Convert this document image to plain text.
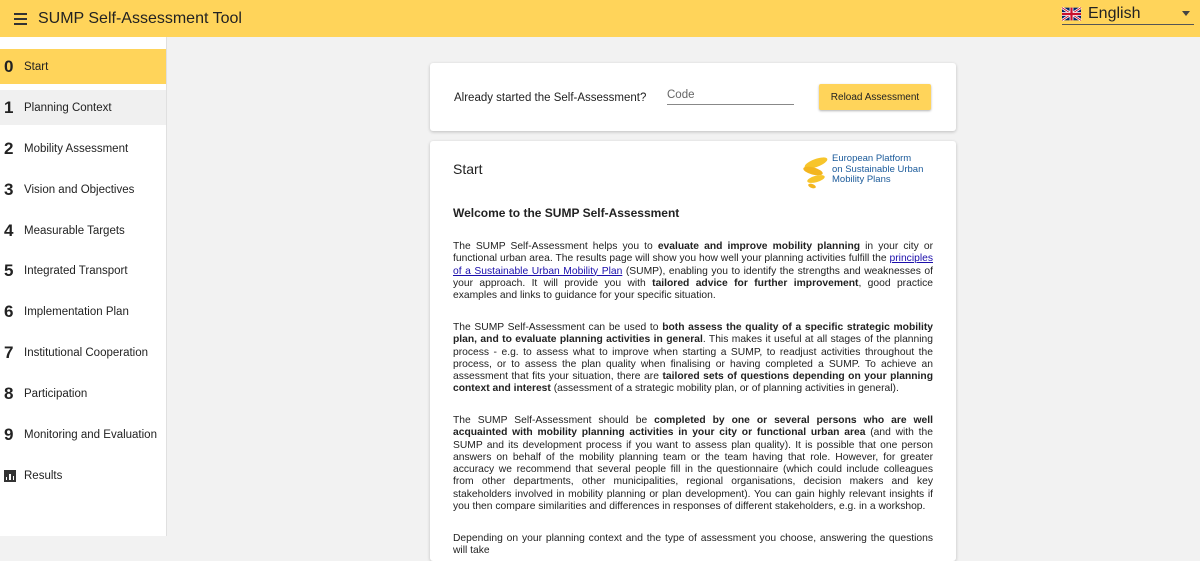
SUMP Self-Assessment Tool	English
0 Start
1 Planning Context
2 Mobility Assessment
3 Vision and Objectives
4 Measurable Targets
5 Integrated Transport
6 Implementation Plan
7 Institutional Cooperation
8 Participation
9 Monitoring and Evaluation
Results
Already started the Self-Assessment?
Code	Reload Assessment
Start
European Platform
on Sustainable Urban
Mobility Plans
Welcome to the SUMP Self-Assessment
The SUMP Self-Assessment helps you to evaluate and improve mobility planning in your city or functional urban area. The results page will show you how well your planning activities fulfill the principles of a Sustainable Urban Mobility Plan (SUMP), enabling you to identify the strengths and weaknesses of your approach. It will provide you with tailored advice for further improvement, good practice examples and links to guidance for your specific situation.
The SUMP Self-Assessment can be used to both assess the quality of a specific strategic mobility plan, and to evaluate planning activities in general. This makes it useful at all stages of the planning process - e.g. to assess what to improve when starting a SUMP, to readjust activities throughout the process, or to assess the plan quality when finalising or having completed a SUMP. To achieve an assessment that fits your situation, there are tailored sets of questions depending on your planning context and interest (assessment of a strategic mobility plan, or of planning activities in general).
The SUMP Self-Assessment should be completed by one or several persons who are well acquainted with mobility planning activities in your city or functional urban area (and with the SUMP and its development process if you want to assess plan quality). It is possible that one person answers on behalf of the mobility planning team or the team having that role. However, for greater accuracy we recommend that several people fill in the questionnaire (which could include colleagues from other departments, other municipalities, regional organisations, decision makers and key stakeholders involved in mobility planning or plan development). You can gain highly relevant insights if you then compare similarities and differences in responses of different stakeholders, e.g. in a workshop.
Depending on your planning context and the type of assessment you choose, answering the questions will take
